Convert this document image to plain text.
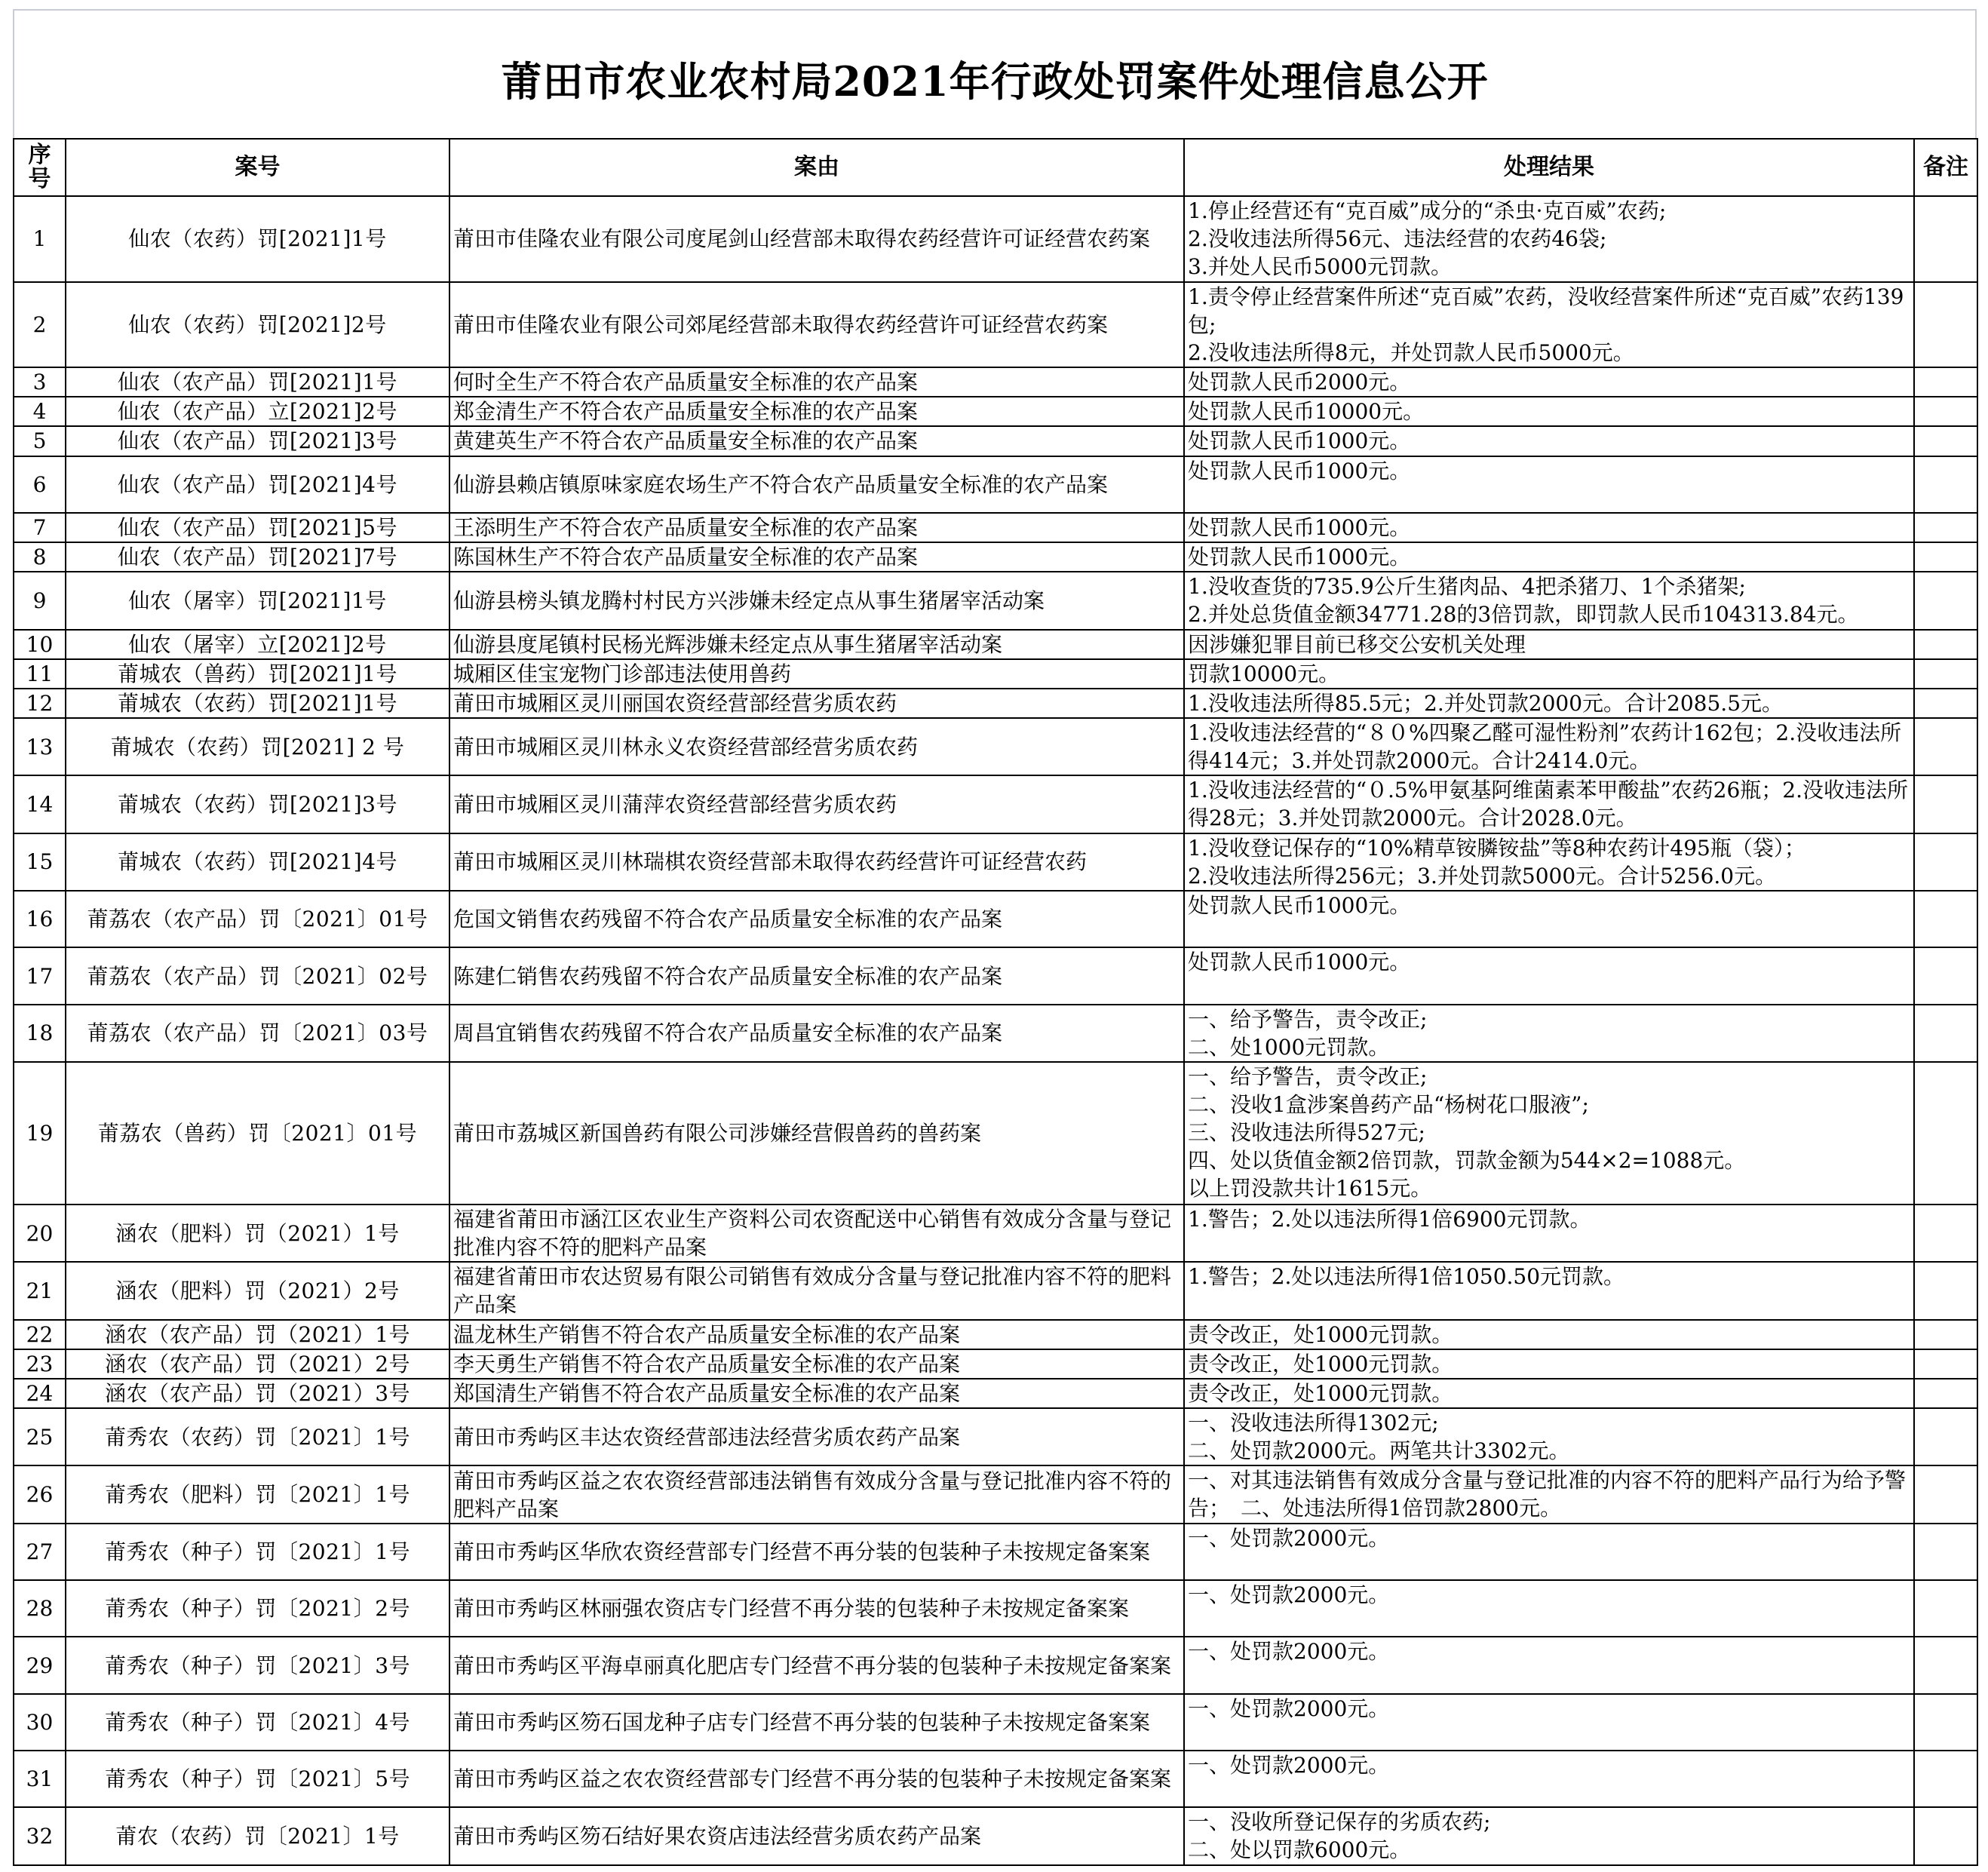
莆田市农业农村局2021年行政处罚案件处理信息公开
序号	案号	案由	处理结果	备注
1	仙农（农药）罚[2021]1号	莆田市佳隆农业有限公司度尾剑山经营部未取得农药经营许可证经营农药案	1.停止经营还有“克百威”成分的“杀虫·克百威”农药;
2.没收违法所得56元、违法经营的农药46袋;
3.并处人民币5000元罚款。	
2	仙农（农药）罚[2021]2号	莆田市佳隆农业有限公司郊尾经营部未取得农药经营许可证经营农药案	1.责令停止经营案件所述“克百威”农药，没收经营案件所述“克百威”农药139包;
2.没收违法所得8元，并处罚款人民币5000元。	
3	仙农（农产品）罚[2021]1号	何时全生产不符合农产品质量安全标准的农产品案	处罚款人民币2000元。	
4	仙农（农产品）立[2021]2号	郑金清生产不符合农产品质量安全标准的农产品案	处罚款人民币10000元。	
5	仙农（农产品）罚[2021]3号	黄建英生产不符合农产品质量安全标准的农产品案	处罚款人民币1000元。	
6	仙农（农产品）罚[2021]4号	仙游县赖店镇原味家庭农场生产不符合农产品质量安全标准的农产品案	处罚款人民币1000元。	
7	仙农（农产品）罚[2021]5号	王添明生产不符合农产品质量安全标准的农产品案	处罚款人民币1000元。	
8	仙农（农产品）罚[2021]7号	陈国林生产不符合农产品质量安全标准的农产品案	处罚款人民币1000元。	
9	仙农（屠宰）罚[2021]1号	仙游县榜头镇龙腾村村民方兴涉嫌未经定点从事生猪屠宰活动案	1.没收查货的735.9公斤生猪肉品、4把杀猪刀、1个杀猪架;
2.并处总货值金额34771.28的3倍罚款，即罚款人民币104313.84元。	
10	仙农（屠宰）立[2021]2号	仙游县度尾镇村民杨光辉涉嫌未经定点从事生猪屠宰活动案	因涉嫌犯罪目前已移交公安机关处理	
11	莆城农（兽药）罚[2021]1号	城厢区佳宝宠物门诊部违法使用兽药	罚款10000元。	
12	莆城农（农药）罚[2021]1号	莆田市城厢区灵川丽国农资经营部经营劣质农药	1.没收违法所得85.5元；2.并处罚款2000元。合计2085.5元。	
13	莆城农（农药）罚[2021] 2 号	莆田市城厢区灵川林永义农资经营部经营劣质农药	1.没收违法经营的“８０%四聚乙醛可湿性粉剂”农药计162包；2.没收违法所得414元；3.并处罚款2000元。合计2414.0元。	
14	莆城农（农药）罚[2021]3号	莆田市城厢区灵川蒲萍农资经营部经营劣质农药	1.没收违法经营的“０.5%甲氨基阿维菌素苯甲酸盐”农药26瓶；2.没收违法所得28元；3.并处罚款2000元。合计2028.0元。	
15	莆城农（农药）罚[2021]4号	莆田市城厢区灵川林瑞棋农资经营部未取得农药经营许可证经营农药	1.没收登记保存的“10%精草铵膦铵盐”等8种农药计495瓶（袋）；
2.没收违法所得256元；3.并处罚款5000元。合计5256.0元。	
16	莆荔农（农产品）罚〔2021〕01号	危国文销售农药残留不符合农产品质量安全标准的农产品案	处罚款人民币1000元。	
17	莆荔农（农产品）罚〔2021〕02号	陈建仁销售农药残留不符合农产品质量安全标准的农产品案	处罚款人民币1000元。	
18	莆荔农（农产品）罚〔2021〕03号	周昌宜销售农药残留不符合农产品质量安全标准的农产品案	一、给予警告，责令改正;
二、处1000元罚款。	
19	莆荔农（兽药）罚〔2021〕01号	莆田市荔城区新国兽药有限公司涉嫌经营假兽药的兽药案	一、给予警告，责令改正;
二、没收1盒涉案兽药产品“杨树花口服液”;
三、没收违法所得527元;
四、处以货值金额2倍罚款，罚款金额为544×2=1088元。
以上罚没款共计1615元。	
20	涵农（肥料）罚（2021）1号	福建省莆田市涵江区农业生产资料公司农资配送中心销售有效成分含量与登记批准内容不符的肥料产品案	1.警告；2.处以违法所得1倍6900元罚款。	
21	涵农（肥料）罚（2021）2号	福建省莆田市农达贸易有限公司销售有效成分含量与登记批准内容不符的肥料产品案	1.警告；2.处以违法所得1倍1050.50元罚款。	
22	涵农（农产品）罚（2021）1号	温龙林生产销售不符合农产品质量安全标准的农产品案	责令改正，处1000元罚款。	
23	涵农（农产品）罚（2021）2号	李天勇生产销售不符合农产品质量安全标准的农产品案	责令改正，处1000元罚款。	
24	涵农（农产品）罚（2021）3号	郑国清生产销售不符合农产品质量安全标准的农产品案	责令改正，处1000元罚款。	
25	莆秀农（农药）罚〔2021〕1号	莆田市秀屿区丰达农资经营部违法经营劣质农药产品案	一、没收违法所得1302元;
二、处罚款2000元。两笔共计3302元。	
26	莆秀农（肥料）罚〔2021〕1号	莆田市秀屿区益之农农资经营部违法销售有效成分含量与登记批准内容不符的肥料产品案	一、对其违法销售有效成分含量与登记批准的内容不符的肥料产品行为给予警告；　二、处违法所得1倍罚款2800元。	
27	莆秀农（种子）罚〔2021〕1号	莆田市秀屿区华欣农资经营部专门经营不再分装的包装种子未按规定备案案	一、处罚款2000元。	
28	莆秀农（种子）罚〔2021〕2号	莆田市秀屿区林丽强农资店专门经营不再分装的包装种子未按规定备案案	一、处罚款2000元。	
29	莆秀农（种子）罚〔2021〕3号	莆田市秀屿区平海卓丽真化肥店专门经营不再分装的包装种子未按规定备案案	一、处罚款2000元。	
30	莆秀农（种子）罚〔2021〕4号	莆田市秀屿区笏石国龙种子店专门经营不再分装的包装种子未按规定备案案	一、处罚款2000元。	
31	莆秀农（种子）罚〔2021〕5号	莆田市秀屿区益之农农资经营部专门经营不再分装的包装种子未按规定备案案	一、处罚款2000元。	
32	莆农（农药）罚〔2021〕1号	莆田市秀屿区笏石结好果农资店违法经营劣质农药产品案	一、没收所登记保存的劣质农药;
二、处以罚款6000元。	
